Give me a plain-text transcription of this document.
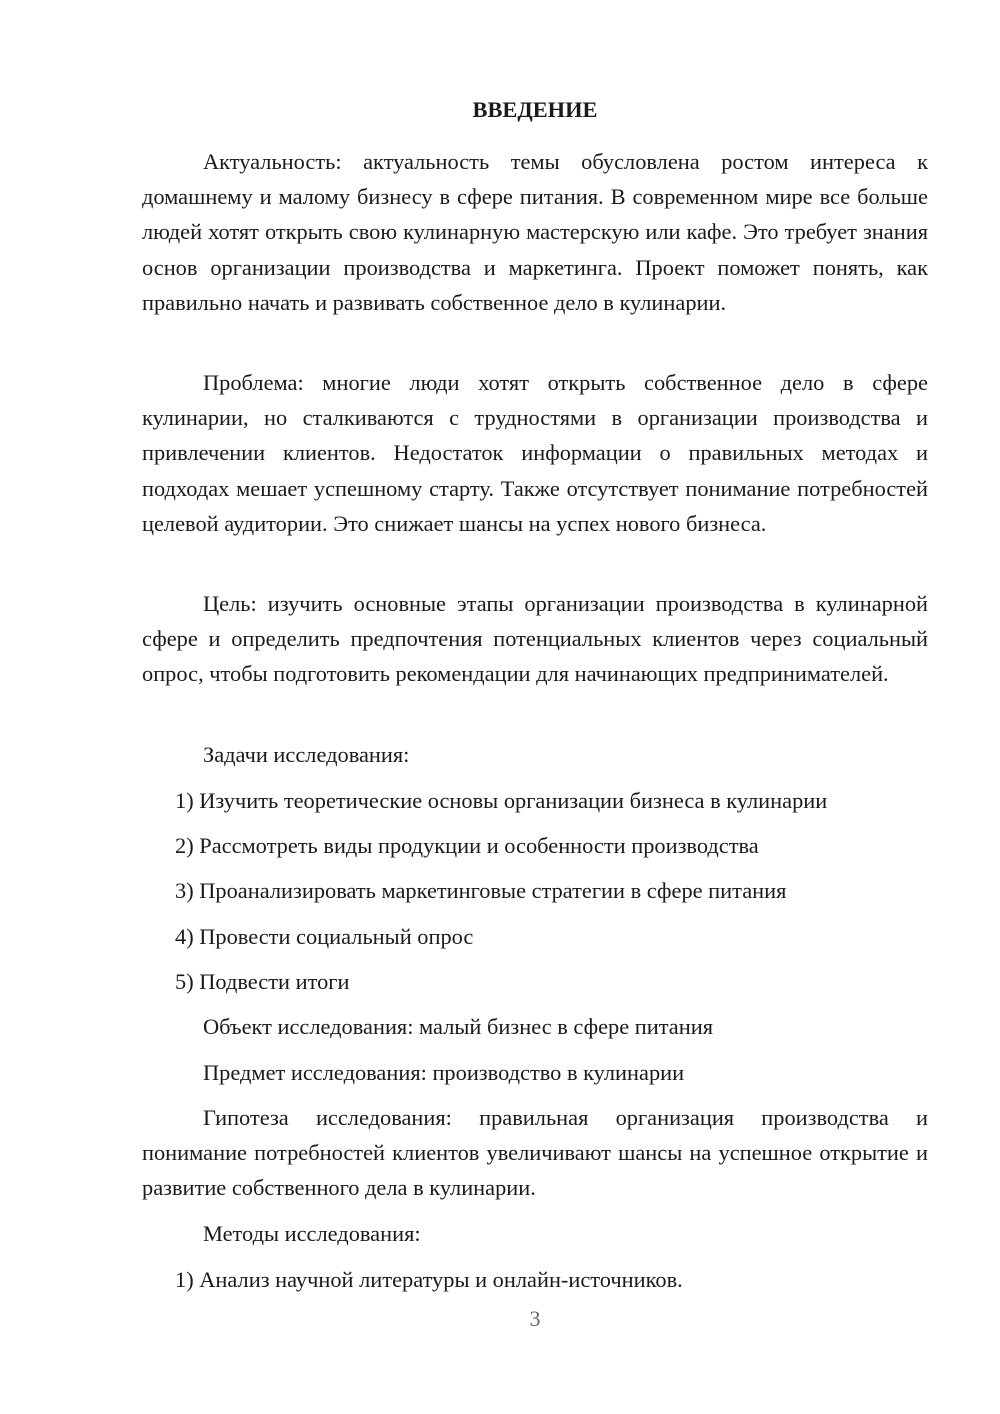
ВВЕДЕНИЕ

Актуальность: актуальность темы обусловлена ростом интереса к домашнему и малому бизнесу в сфере питания. В современном мире все больше людей хотят открыть свою кулинарную мастерскую или кафе. Это требует знания основ организации производства и маркетинга. Проект поможет понять, как правильно начать и развивать собственное дело в кулинарии.

Проблема: многие люди хотят открыть собственное дело в сфере кулинарии, но сталкиваются с трудностями в организации производства и привлечении клиентов. Недостаток информации о правильных методах и подходах мешает успешному старту. Также отсутствует понимание потребностей целевой аудитории. Это снижает шансы на успех нового бизнеса.

Цель: изучить основные этапы организации производства в кулинарной сфере и определить предпочтения потенциальных клиентов через социальный опрос, чтобы подготовить рекомендации для начинающих предпринимателей.

Задачи исследования:
1) Изучить теоретические основы организации бизнеса в кулинарии
2) Рассмотреть виды продукции и особенности производства
3) Проанализировать маркетинговые стратегии в сфере питания
4) Провести социальный опрос
5) Подвести итоги
Объект исследования: малый бизнес в сфере питания
Предмет исследования: производство в кулинарии

Гипотеза исследования: правильная организация производства и понимание потребностей клиентов увеличивают шансы на успешное открытие и развитие собственного дела в кулинарии.

Методы исследования:
1) Анализ научной литературы и онлайн-источников.
3
